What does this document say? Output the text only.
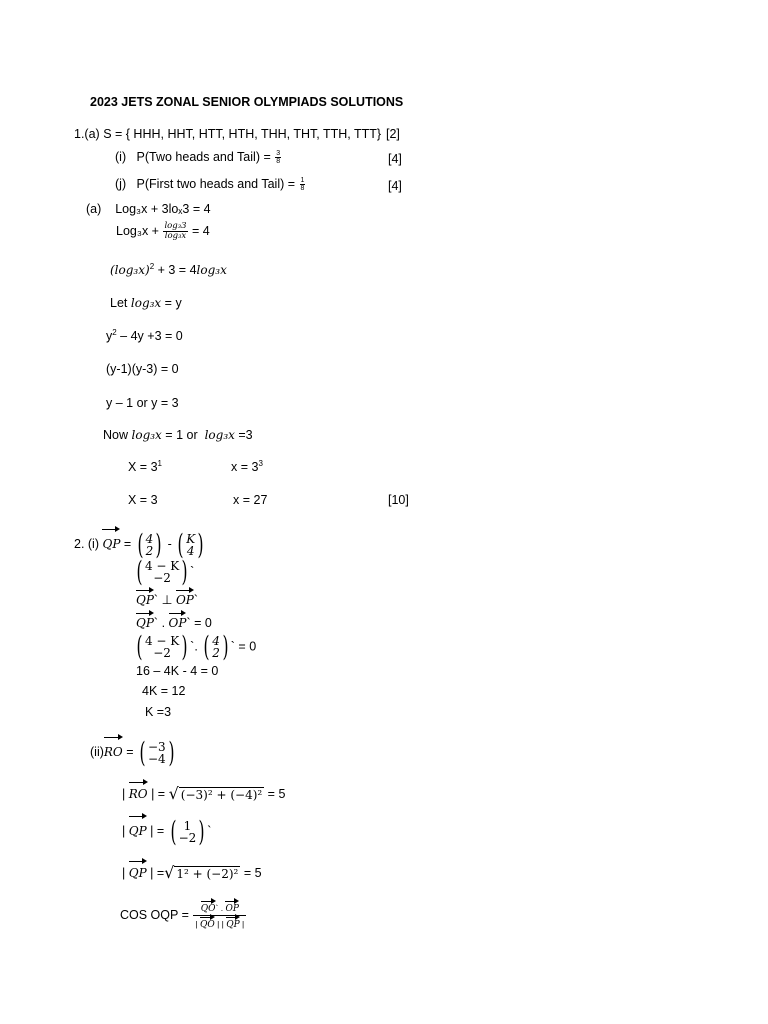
2023 JETS ZONAL SENIOR OLYMPIADS SOLUTIONS
1.(a) S = { HHH, HHT, HTT, HTH, THH, THT, TTH, TTT} [2]
(i) P(Two heads and Tail) = $\frac{3}{8}$	[4]
(j) P(First two heads and Tail) = $\frac{1}{8}$	[4]
(a) Log₃x + 3loₓ3 = 4
$Log_3x + \frac{\text{log₃3}}{\text{log₃x}} = 4$
$(\log_3x)^2 + 3 = 4\log_3x$
Let log₃x = y
$y^2 - 4y +3 = 0$
(y-1)(y-3) = 0
y – 1 or y = 3
Now log₃x = 1 or log₃x =3
$X = 3^1$	$x = 3^3$
X = 3	x = 27	[10]
2. (i) QP = ( 4
2 ) - ( K
4 )
( 4 − K
−2 ) `
QP` ⊥ OP`
QP` . OP` = 0
( 4 − K
−2 ) `. ( 4
2 ) ` = 0
16 – 4K - 4 = 0
4K = 12
K =3
(ii)RO = ( −3
−4 )
| RO | = √ (−3)² + (−4)² = 5
| QP | = ( 1
−2 ) `
| QP | =√ 1² + (−2)² = 5
COS OQP = $\frac{QO` . OP}{| QO | | QP |}$
